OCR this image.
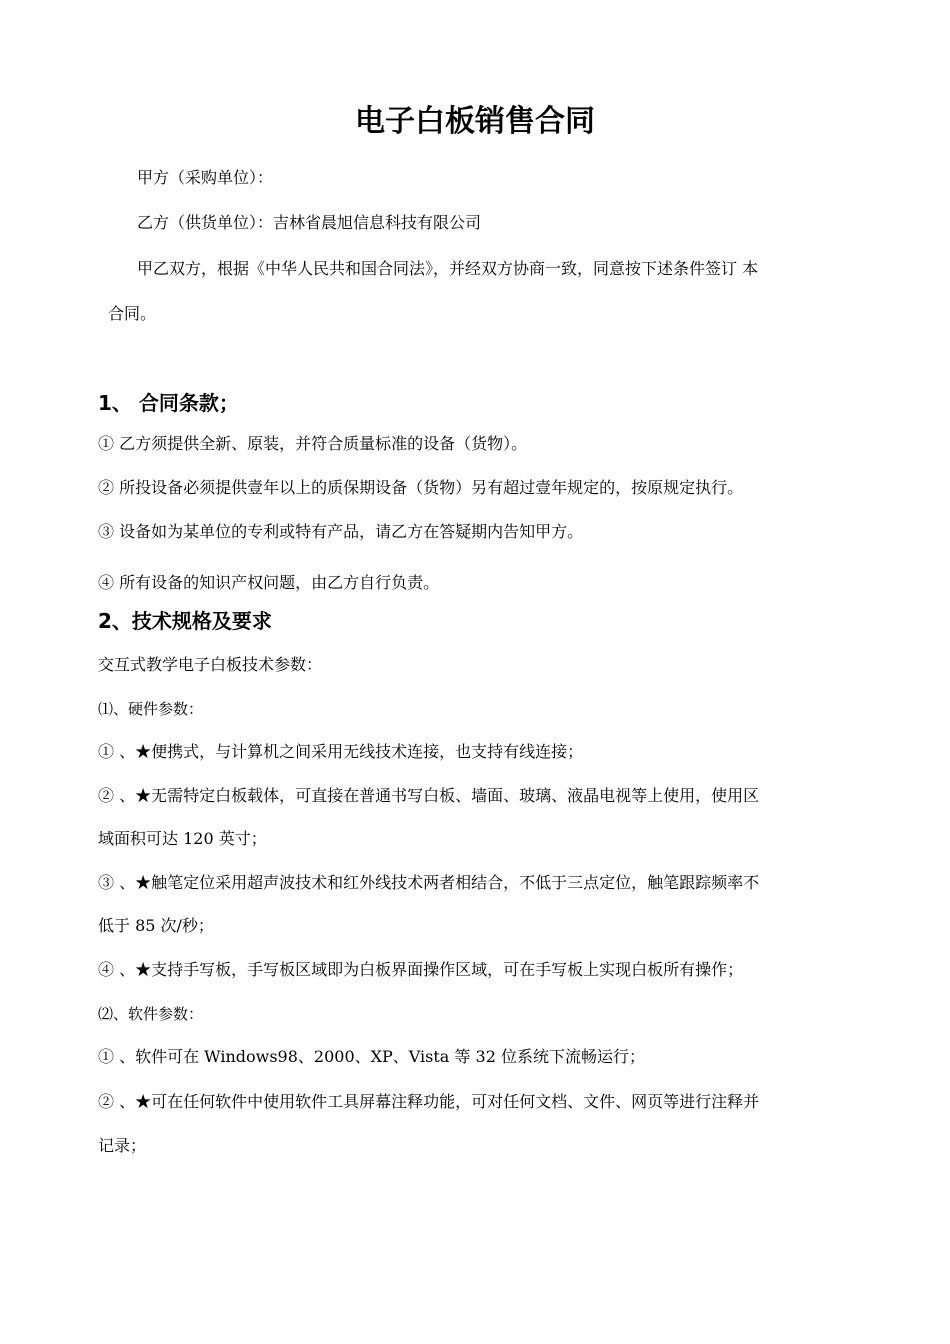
电子白板销售合同
甲方（采购单位）：
乙方（供货单位）：吉林省晨旭信息科技有限公司
甲乙双方，根据《中华人民共和国合同法》，并经双方协商一致，同意按下述条件签订 本
合同。
1、 合同条款；
① 乙方须提供全新、原装，并符合质量标准的设备（货物）。
② 所投设备必须提供壹年以上的质保期设备（货物）另有超过壹年规定的，按原规定执行。
③ 设备如为某单位的专利或特有产品，请乙方在答疑期内告知甲方。
④ 所有设备的知识产权问题，由乙方自行负责。
2、技术规格及要求
交互式教学电子白板技术参数：
⑴、硬件参数：
① 、★便携式，与计算机之间采用无线技术连接，也支持有线连接；
② 、★无需特定白板载体，可直接在普通书写白板、墙面、玻璃、液晶电视等上使用，使用区
域面积可达 120 英寸；
③ 、★触笔定位采用超声波技术和红外线技术两者相结合，不低于三点定位，触笔跟踪频率不
低于 85 次/秒；
④ 、★支持手写板，手写板区域即为白板界面操作区域，可在手写板上实现白板所有操作；
⑵、软件参数：
① 、软件可在 Windows98、2000、XP、Vista 等 32 位系统下流畅运行；
② 、★可在任何软件中使用软件工具屏幕注释功能，可对任何文档、文件、网页等进行注释并
记录；
